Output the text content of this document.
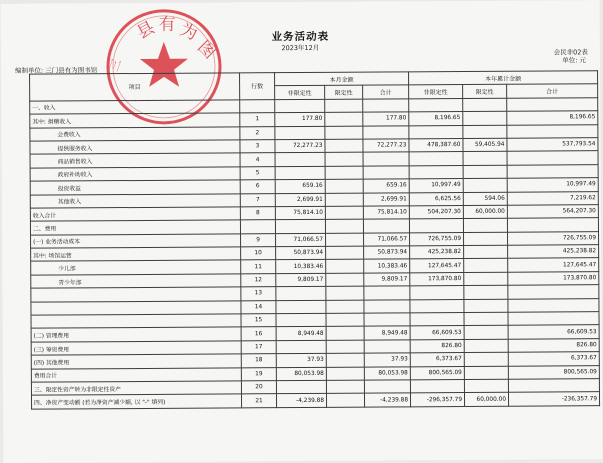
县 有 为
图
三
· · · · · · ·
业务活动表
2023年12月
会民非02表
单位: 元
编制单位: 三门县有为图书馆
项目	行数	本月金额			本年累计金额		
		非限定性	限定性	合计	非限定性	限定性	合计
一、收入							
其中: 捐赠收入	1	177.80		177.80	8,196.65		8,196.65
会费收入	2						
提供服务收入	3	72,277.23		72,277.23	478,387.60	59,405.94	537,793.54
商品销售收入	4						
政府补助收入	5						
投资收益	6	659.16		659.16	10,997.49		10,997.49
其他收入	7	2,699.91		2,699.91	6,625.56	594.06	7,219.62
收入合计	8	75,814.10		75,814.10	504,207.30	60,000.00	564,207.30
二、费用							
(一) 业务活动成本	9	71,066.57		71,066.57	726,755.09		726,755.09
其中: 场馆运营	10	50,873.94		50,873.94	425,238.82		425,238.82
少儿部	11	10,383.46		10,383.46	127,645.47		127,645.47
青少年部	12	9,809.17		9,809.17	173,870.80		173,870.80
	13						
	14						
	15						
(二) 管理费用	16	8,949.48		8,949.48	66,609.53		66,609.53
(三) 筹资费用	17				826.80		826.80
(四) 其他费用	18	37.93		37.93	6,373.67		6,373.67
费用合计	19	80,053.98		80,053.98	800,565.09		800,565.09
三、限定性资产转为非限定性资产	20						
四、净资产变动额 (若为净资产减少额, 以 "-" 填列)	21	-4,239.88		-4,239.88	-296,357.79	60,000.00	-236,357.79
